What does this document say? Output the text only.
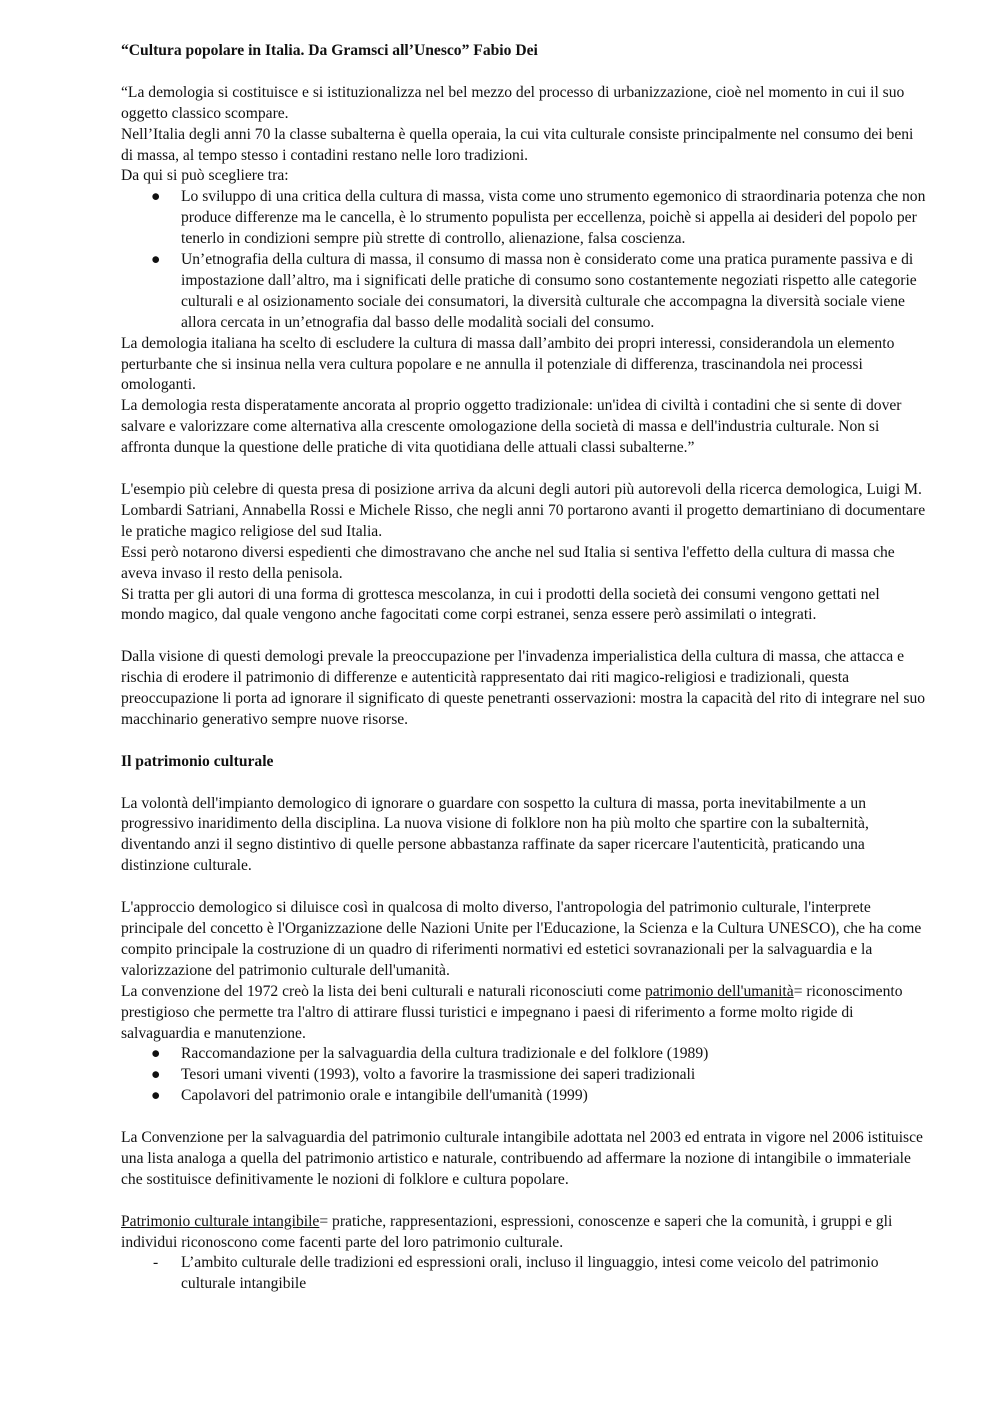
“Cultura popolare in Italia. Da Gramsci all’Unesco” Fabio Dei

“La demologia si costituisce e si istituzionalizza nel bel mezzo del processo di urbanizzazione, cioè nel momento in cui il suo oggetto classico scompare.

Nell’Italia degli anni 70 la classe subalterna è quella operaia, la cui vita culturale consiste principalmente nel consumo dei beni di massa, al tempo stesso i contadini restano nelle loro tradizioni.

Da qui si può scegliere tra:

● Lo sviluppo di una critica della cultura di massa, vista come uno strumento egemonico di straordinaria potenza che non produce differenze ma le cancella, è lo strumento populista per eccellenza, poichè si appella ai desideri del popolo per tenerlo in condizioni sempre più strette di controllo, alienazione, falsa coscienza.
● Un’etnografia della cultura di massa, il consumo di massa non è considerato come una pratica puramente passiva e di impostazione dall’altro, ma i significati delle pratiche di consumo sono costantemente negoziati rispetto alle categorie culturali e al osizionamento sociale dei consumatori, la diversità culturale che accompagna la diversità sociale viene allora cercata in un’etnografia dal basso delle modalità sociali del consumo.

La demologia italiana ha scelto di escludere la cultura di massa dall’ambito dei propri interessi, considerandola un elemento perturbante che si insinua nella vera cultura popolare e ne annulla il potenziale di differenza, trascinandola nei processi omologanti.

La demologia resta disperatamente ancorata al proprio oggetto tradizionale: un'idea di civiltà i contadini che si sente di dover salvare e valorizzare come alternativa alla crescente omologazione della società di massa e dell'industria culturale. Non si affronta dunque la questione delle pratiche di vita quotidiana delle attuali classi subalterne.”

L'esempio più celebre di questa presa di posizione arriva da alcuni degli autori più autorevoli della ricerca demologica, Luigi M. Lombardi Satriani, Annabella Rossi e Michele Risso, che negli anni 70 portarono avanti il progetto demartiniano di documentare le pratiche magico religiose del sud Italia.

Essi però notarono diversi espedienti che dimostravano che anche nel sud Italia si sentiva l'effetto della cultura di massa che aveva invaso il resto della penisola.

Si tratta per gli autori di una forma di grottesca mescolanza, in cui i prodotti della società dei consumi vengono gettati nel mondo magico, dal quale vengono anche fagocitati come corpi estranei, senza essere però assimilati o integrati.

Dalla visione di questi demologi prevale la preoccupazione per l'invadenza imperialistica della cultura di massa, che attacca e rischia di erodere il patrimonio di differenze e autenticità rappresentato dai riti magico-religiosi e tradizionali, questa preoccupazione li porta ad ignorare il significato di queste penetranti osservazioni: mostra la capacità del rito di integrare nel suo macchinario generativo sempre nuove risorse.

Il patrimonio culturale

La volontà dell'impianto demologico di ignorare o guardare con sospetto la cultura di massa, porta inevitabilmente a un progressivo inaridimento della disciplina. La nuova visione di folklore non ha più molto che spartire con la subalternità, diventando anzi il segno distintivo di quelle persone abbastanza raffinate da saper ricercare l'autenticità, praticando una distinzione culturale.

L'approccio demologico si diluisce così in qualcosa di molto diverso, l'antropologia del patrimonio culturale, l'interprete principale del concetto è l'Organizzazione delle Nazioni Unite per l'Educazione, la Scienza e la Cultura UNESCO), che ha come compito principale la costruzione di un quadro di riferimenti normativi ed estetici sovranazionali per la salvaguardia e la valorizzazione del patrimonio culturale dell'umanità.

La convenzione del 1972 creò la lista dei beni culturali e naturali riconosciuti come patrimonio dell'umanità= riconoscimento prestigioso che permette tra l'altro di attirare flussi turistici e impegnano i paesi di riferimento a forme molto rigide di salvaguardia e manutenzione.

● Raccomandazione per la salvaguardia della cultura tradizionale e del folklore (1989)
● Tesori umani viventi (1993), volto a favorire la trasmissione dei saperi tradizionali
● Capolavori del patrimonio orale e intangibile dell'umanità (1999)

La Convenzione per la salvaguardia del patrimonio culturale intangibile adottata nel 2003 ed entrata in vigore nel 2006 istituisce una lista analoga a quella del patrimonio artistico e naturale, contribuendo ad affermare la nozione di intangibile o immateriale che sostituisce definitivamente le nozioni di folklore e cultura popolare.

Patrimonio culturale intangibile= pratiche, rappresentazioni, espressioni, conoscenze e saperi che la comunità, i gruppi e gli individui riconoscono come facenti parte del loro patrimonio culturale.

- L’ambito culturale delle tradizioni ed espressioni orali, incluso il linguaggio, intesi come veicolo del patrimonio culturale intangibile
